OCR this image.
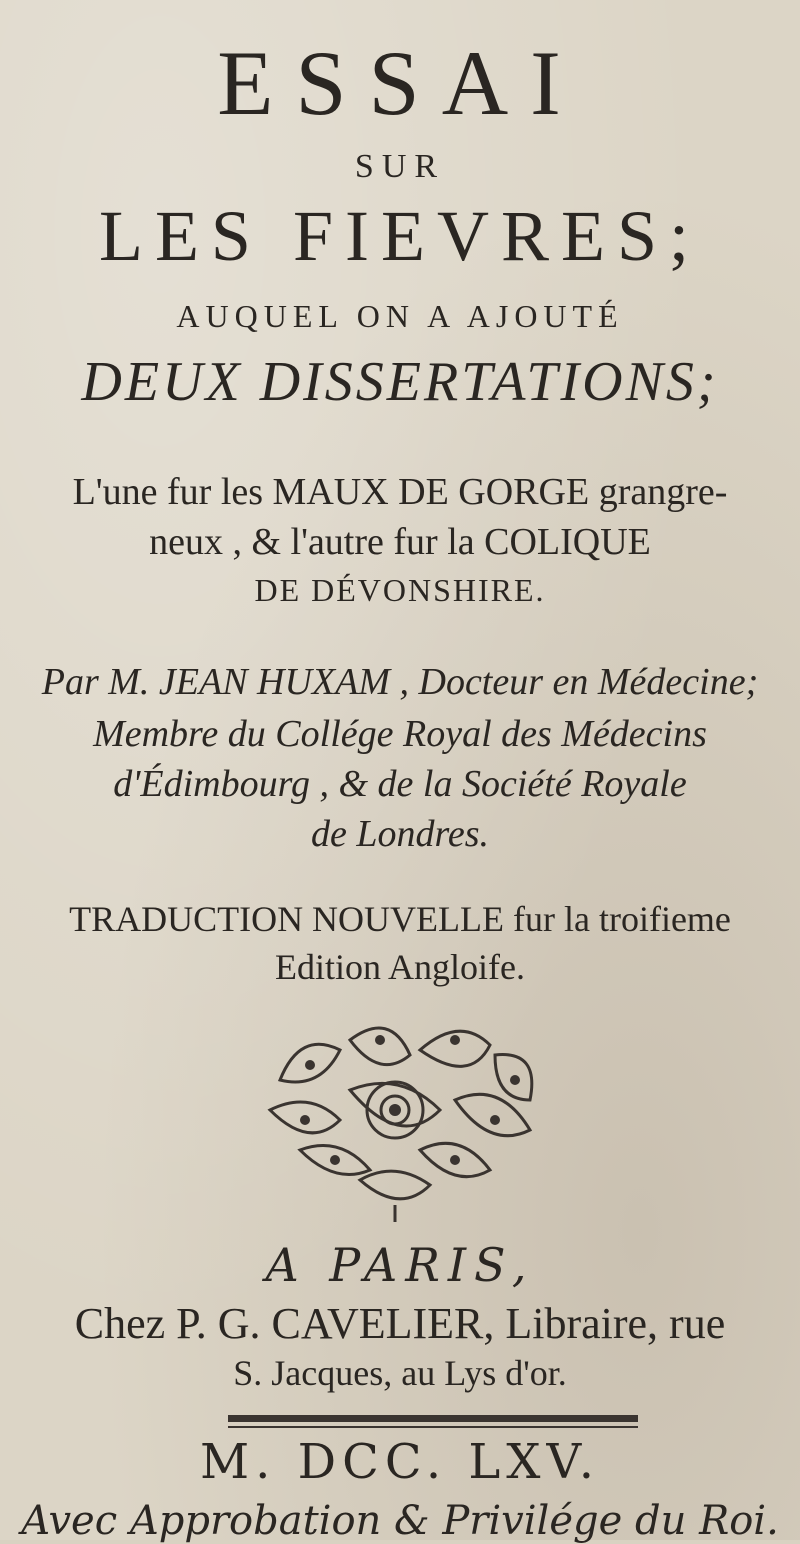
ESSAI
SUR
LES FIEVRES;
AUQUEL ON A AJOUTÉ
DEUX DISSERTATIONS;
L'une fur les MAUX DE GORGE grangre-
neux , & l'autre fur la COLIQUE
DE DÉVONSHIRE.
Par M. JEAN HUXAM , Docteur en Médecine;
Membre du Collége Royal des Médecins
d'Édimbourg , & de la Société Royale
de Londres.
TRADUCTION NOUVELLE fur la troifieme
Edition Angloife.
A PARIS,
Chez P. G. CAVELIER, Libraire, rue
S. Jacques, au Lys d'or.
M. DCC. LXV.
Avec Approbation & Privilége du Roi.
